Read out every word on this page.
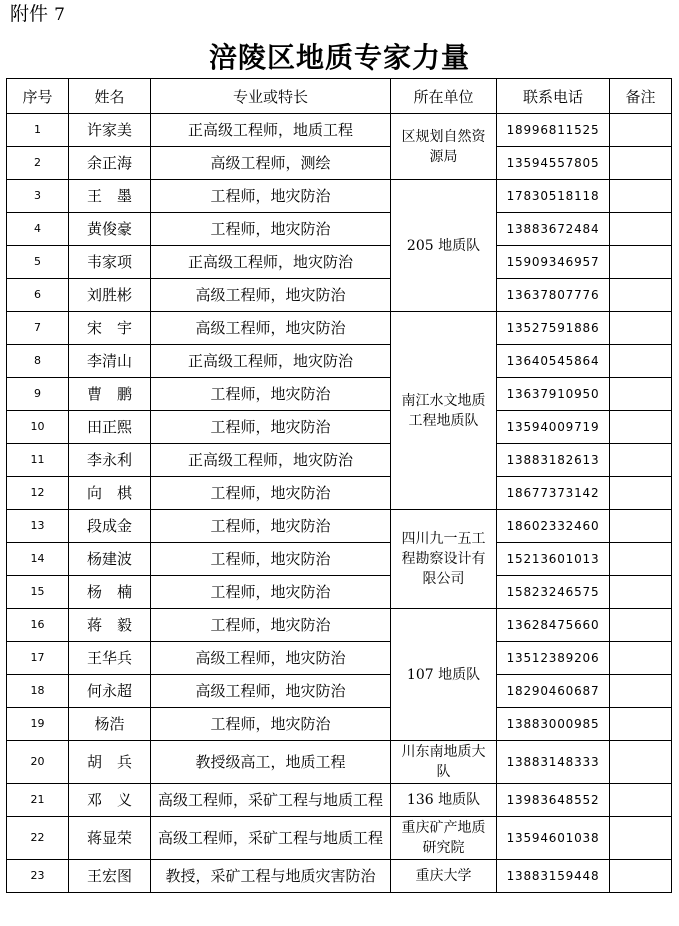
附件 7
涪陵区地质专家力量
序号	姓名	专业或特长	所在单位	联系电话	备注
1	许家美	正高级工程师，地质工程	区规划自然资源局	18996811525	
2	余正海	高级工程师，测绘		13594557805	
3	王　墨	工程师，地灾防治	205 地质队	17830518118	
4	黄俊豪	工程师，地灾防治		13883672484	
5	韦家项	正高级工程师，地灾防治		15909346957	
6	刘胜彬	高级工程师，地灾防治		13637807776	
7	宋　宇	高级工程师，地灾防治	南江水文地质工程地质队	13527591886	
8	李清山	正高级工程师，地灾防治		13640545864	
9	曹　鹏	工程师，地灾防治		13637910950	
10	田正熙	工程师，地灾防治		13594009719	
11	李永利	正高级工程师，地灾防治		13883182613	
12	向　棋	工程师，地灾防治		18677373142	
13	段成金	工程师，地灾防治	四川九一五工程勘察设计有限公司	18602332460	
14	杨建波	工程师，地灾防治		15213601013	
15	杨　楠	工程师，地灾防治		15823246575	
16	蒋　毅	工程师，地灾防治	107 地质队	13628475660	
17	王华兵	高级工程师，地灾防治		13512389206	
18	何永超	高级工程师，地灾防治		18290460687	
19	杨浩	工程师，地灾防治		13883000985	
20	胡　兵	教授级高工，地质工程	川东南地质大队	13883148333	
21	邓　义	高级工程师，采矿工程与地质工程	136 地质队	13983648552	
22	蒋显荣	高级工程师，采矿工程与地质工程	重庆矿产地质研究院	13594601038	
23	王宏图	教授，采矿工程与地质灾害防治	重庆大学	13883159448	
